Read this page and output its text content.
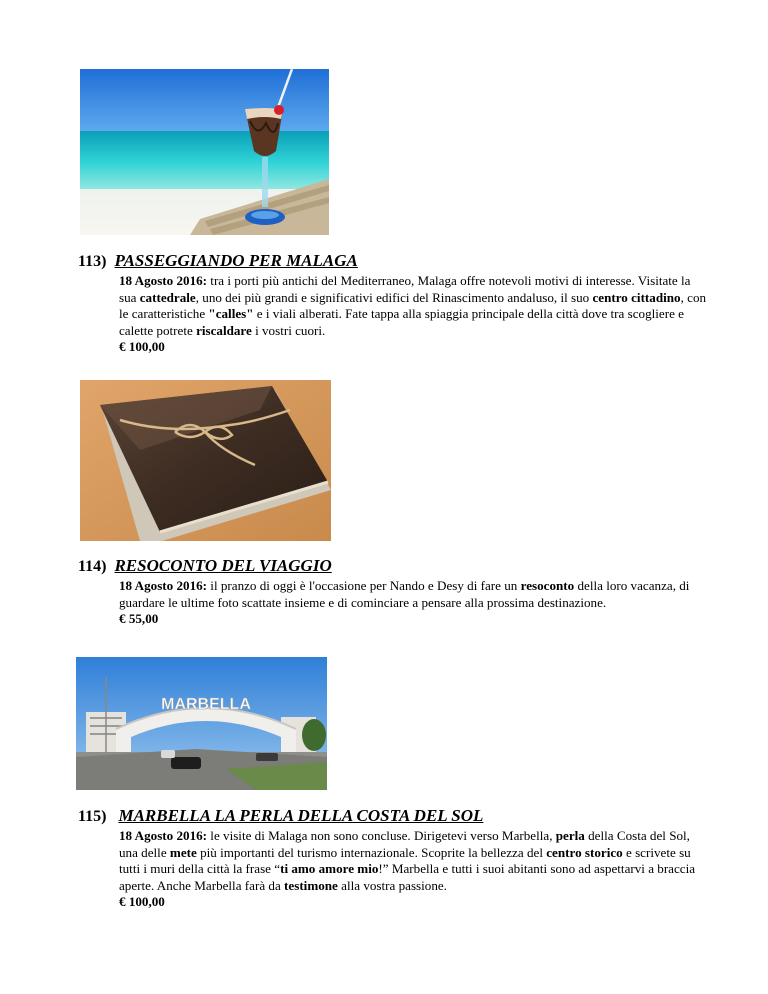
113) PASSEGGIANDO PER MALAGA
18 Agosto 2016: tra i porti più antichi del Mediterraneo, Malaga offre notevoli motivi di interesse. Visitate la sua cattedrale, uno dei più grandi e significativi edifici del Rinascimento andaluso, il suo centro cittadino, con le caratteristiche "calles" e i viali alberati. Fate tappa alla spiaggia principale della città dove tra scogliere e calette potrete riscaldare i vostri cuori.
€ 100,00
114) RESOCONTO DEL VIAGGIO
18 Agosto 2016: il pranzo di oggi è l'occasione per Nando e Desy di fare un resoconto della loro vacanza, di guardare le ultime foto scattate insieme e di cominciare a pensare alla prossima destinazione.
€ 55,00
MARBELLA
115) MARBELLA LA PERLA DELLA COSTA DEL SOL
18 Agosto 2016: le visite di Malaga non sono concluse. Dirigetevi verso Marbella, perla della Costa del Sol, una delle mete più importanti del turismo internazionale. Scoprite la bellezza del centro storico e scrivete su tutti i muri della città la frase “ti amo amore mio!” Marbella e tutti i suoi abitanti sono ad aspettarvi a braccia aperte. Anche Marbella farà da testimone alla vostra passione.
€ 100,00
